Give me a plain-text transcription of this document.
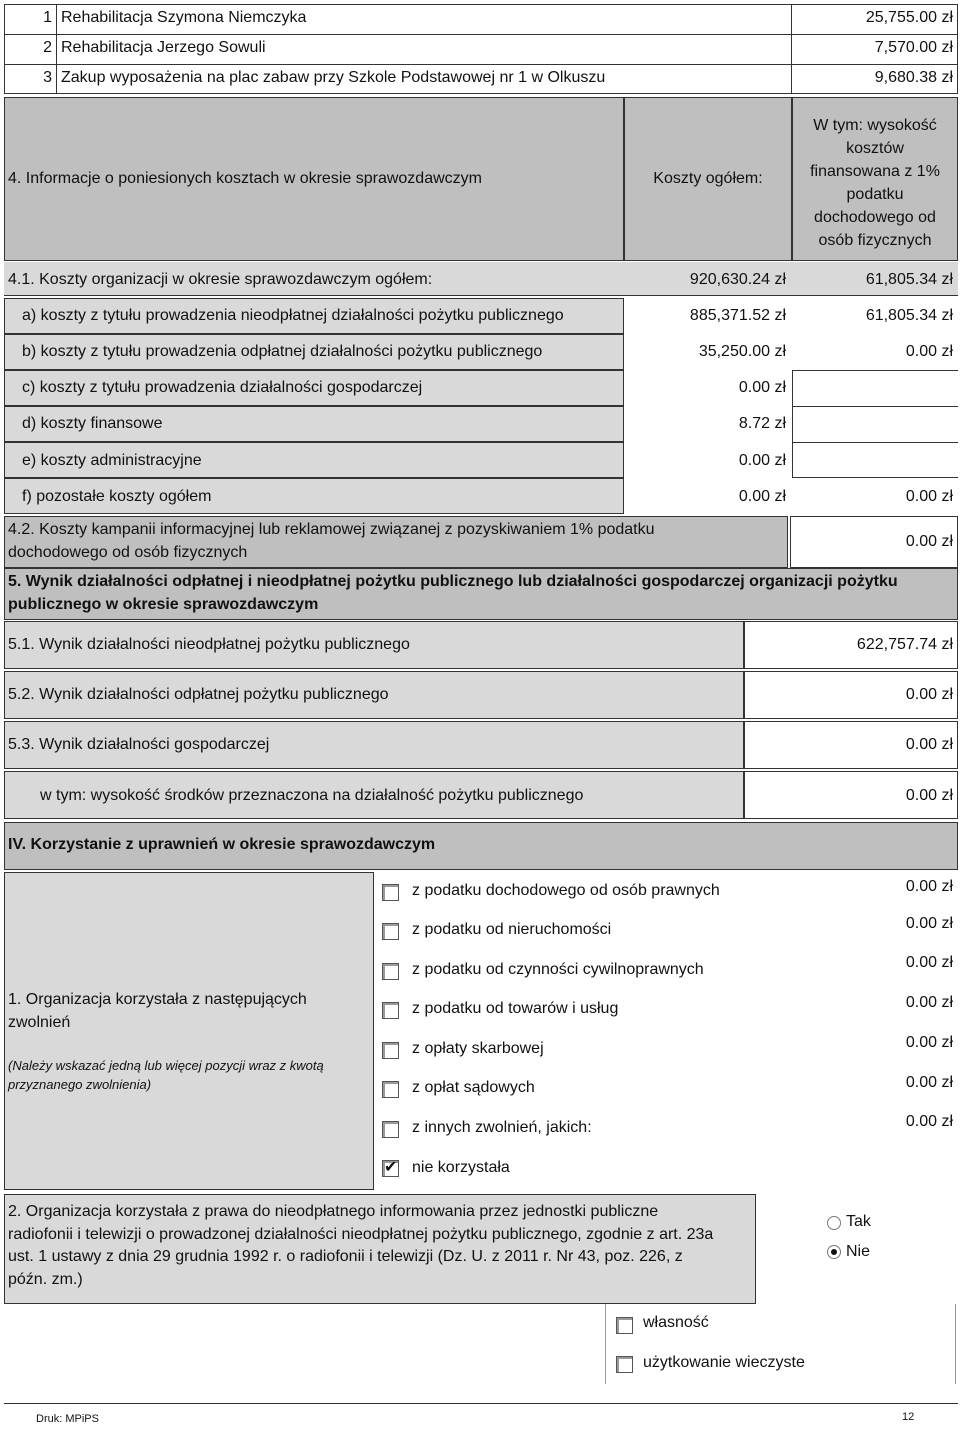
1 Rehabilitacja Szymona Niemczyka	25,755.00 zł
2 Rehabilitacja Jerzego Sowuli	7,570.00 zł
3 Zakup wyposażenia na plac zabaw przy Szkole Podstawowej nr 1 w Olkuszu	9,680.38 zł
4. Informacje o poniesionych kosztach w okresie sprawozdawczym	Koszty ogółem:
W tym: wysokość
kosztów
finansowana z 1%
podatku
dochodowego od
osób fizycznych
4.1. Koszty organizacji w okresie sprawozdawczym ogółem:	920,630.24 zł	61,805.34 zł
a) koszty z tytułu prowadzenia nieodpłatnej działalności pożytku publicznego	885,371.52 zł	61,805.34 zł
b) koszty z tytułu prowadzenia odpłatnej działalności pożytku publicznego	35,250.00 zł	0.00 zł
c) koszty z tytułu prowadzenia działalności gospodarczej	0.00 zł
d) koszty finansowe	8.72 zł
e) koszty administracyjne	0.00 zł
f) pozostałe koszty ogółem	0.00 zł	0.00 zł
4.2. Koszty kampanii informacyjnej lub reklamowej związanej z pozyskiwaniem 1% podatku
dochodowego od osób fizycznych
0.00 zł
5. Wynik działalności odpłatnej i nieodpłatnej pożytku publicznego lub działalności gospodarczej organizacji pożytku
publicznego w okresie sprawozdawczym
5.1. Wynik działalności nieodpłatnej pożytku publicznego	622,757.74 zł
5.2. Wynik działalności odpłatnej pożytku publicznego	0.00 zł
5.3. Wynik działalności gospodarczej	0.00 zł
w tym: wysokość środków przeznaczona na działalność pożytku publicznego	0.00 zł
IV. Korzystanie z uprawnień w okresie sprawozdawczym
1. Organizacja korzystała z następujących
zwolnień
(Należy wskazać jedną lub więcej pozycji wraz z kwotą przyznanego zwolnienia)
z podatku dochodowego od osób prawnych	0.00 zł
z podatku od nieruchomości	0.00 zł
z podatku od czynności cywilnoprawnych	0.00 zł
z podatku od towarów i usług	0.00 zł
z opłaty skarbowej	0.00 zł
z opłat sądowych	0.00 zł
z innych zwolnień, jakich:	0.00 zł
✔
nie korzystała
2. Organizacja korzystała z prawa do nieodpłatnego informowania przez jednostki publiczne
radiofonii i telewizji o prowadzonej działalności nieodpłatnej pożytku publicznego, zgodnie z art. 23a
ust. 1 ustawy z dnia 29 grudnia 1992 r. o radiofonii i telewizji (Dz. U. z 2011 r. Nr 43, poz. 226, z
późn. zm.)
Tak
Nie
własność
użytkowanie wieczyste
Druk: MPiPS	12
